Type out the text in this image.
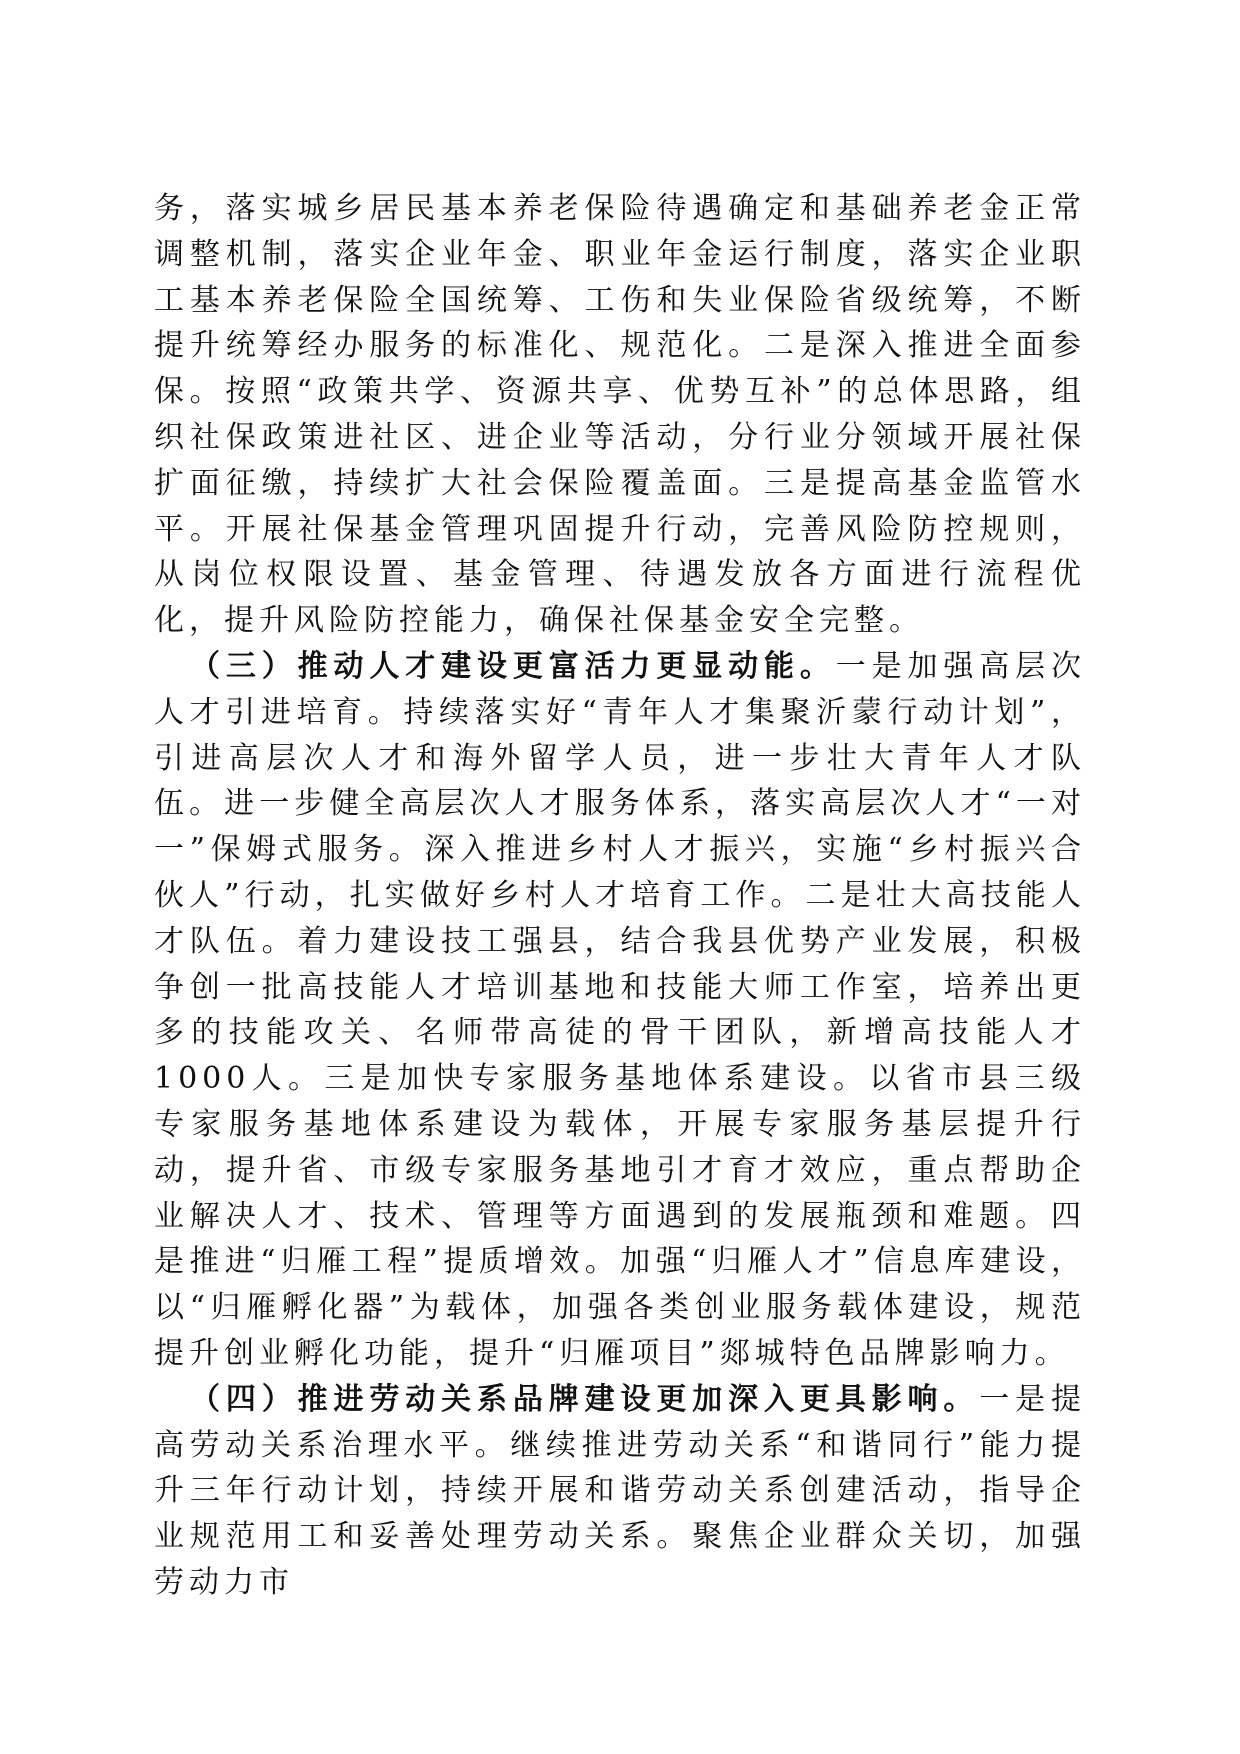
务，落实城乡居民基本养老保险待遇确定和基础养老金正常调整机制，落实企业年金、职业年金运行制度，落实企业职工基本养老保险全国统筹、工伤和失业保险省级统筹，不断提升统筹经办服务的标准化、规范化。二是深入推进全面参保。按照“政策共学、资源共享、优势互补”的总体思路，组织社保政策进社区、进企业等活动，分行业分领域开展社保扩面征缴，持续扩大社会保险覆盖面。三是提高基金监管水平。开展社保基金管理巩固提升行动，完善风险防控规则，从岗位权限设置、基金管理、待遇发放各方面进行流程优化，提升风险防控能力，确保社保基金安全完整。

（三）推动人才建设更富活力更显动能。一是加强高层次人才引进培育。持续落实好“青年人才集聚沂蒙行动计划”，引进高层次人才和海外留学人员，进一步壮大青年人才队伍。进一步健全高层次人才服务体系，落实高层次人才“一对一”保姆式服务。深入推进乡村人才振兴，实施“乡村振兴合伙人”行动，扎实做好乡村人才培育工作。二是壮大高技能人才队伍。着力建设技工强县，结合我县优势产业发展，积极争创一批高技能人才培训基地和技能大师工作室，培养出更多的技能攻关、名师带高徒的骨干团队，新增高技能人才1000人。三是加快专家服务基地体系建设。以省市县三级专家服务基地体系建设为载体，开展专家服务基层提升行动，提升省、市级专家服务基地引才育才效应，重点帮助企业解决人才、技术、管理等方面遇到的发展瓶颈和难题。四是推进“归雁工程”提质增效。加强“归雁人才”信息库建设，以“归雁孵化器”为载体，加强各类创业服务载体建设，规范提升创业孵化功能，提升“归雁项目”郯城特色品牌影响力。

（四）推进劳动关系品牌建设更加深入更具影响。一是提高劳动关系治理水平。继续推进劳动关系“和谐同行”能力提升三年行动计划，持续开展和谐劳动关系创建活动，指导企业规范用工和妥善处理劳动关系。聚焦企业群众关切，加强劳动力市
